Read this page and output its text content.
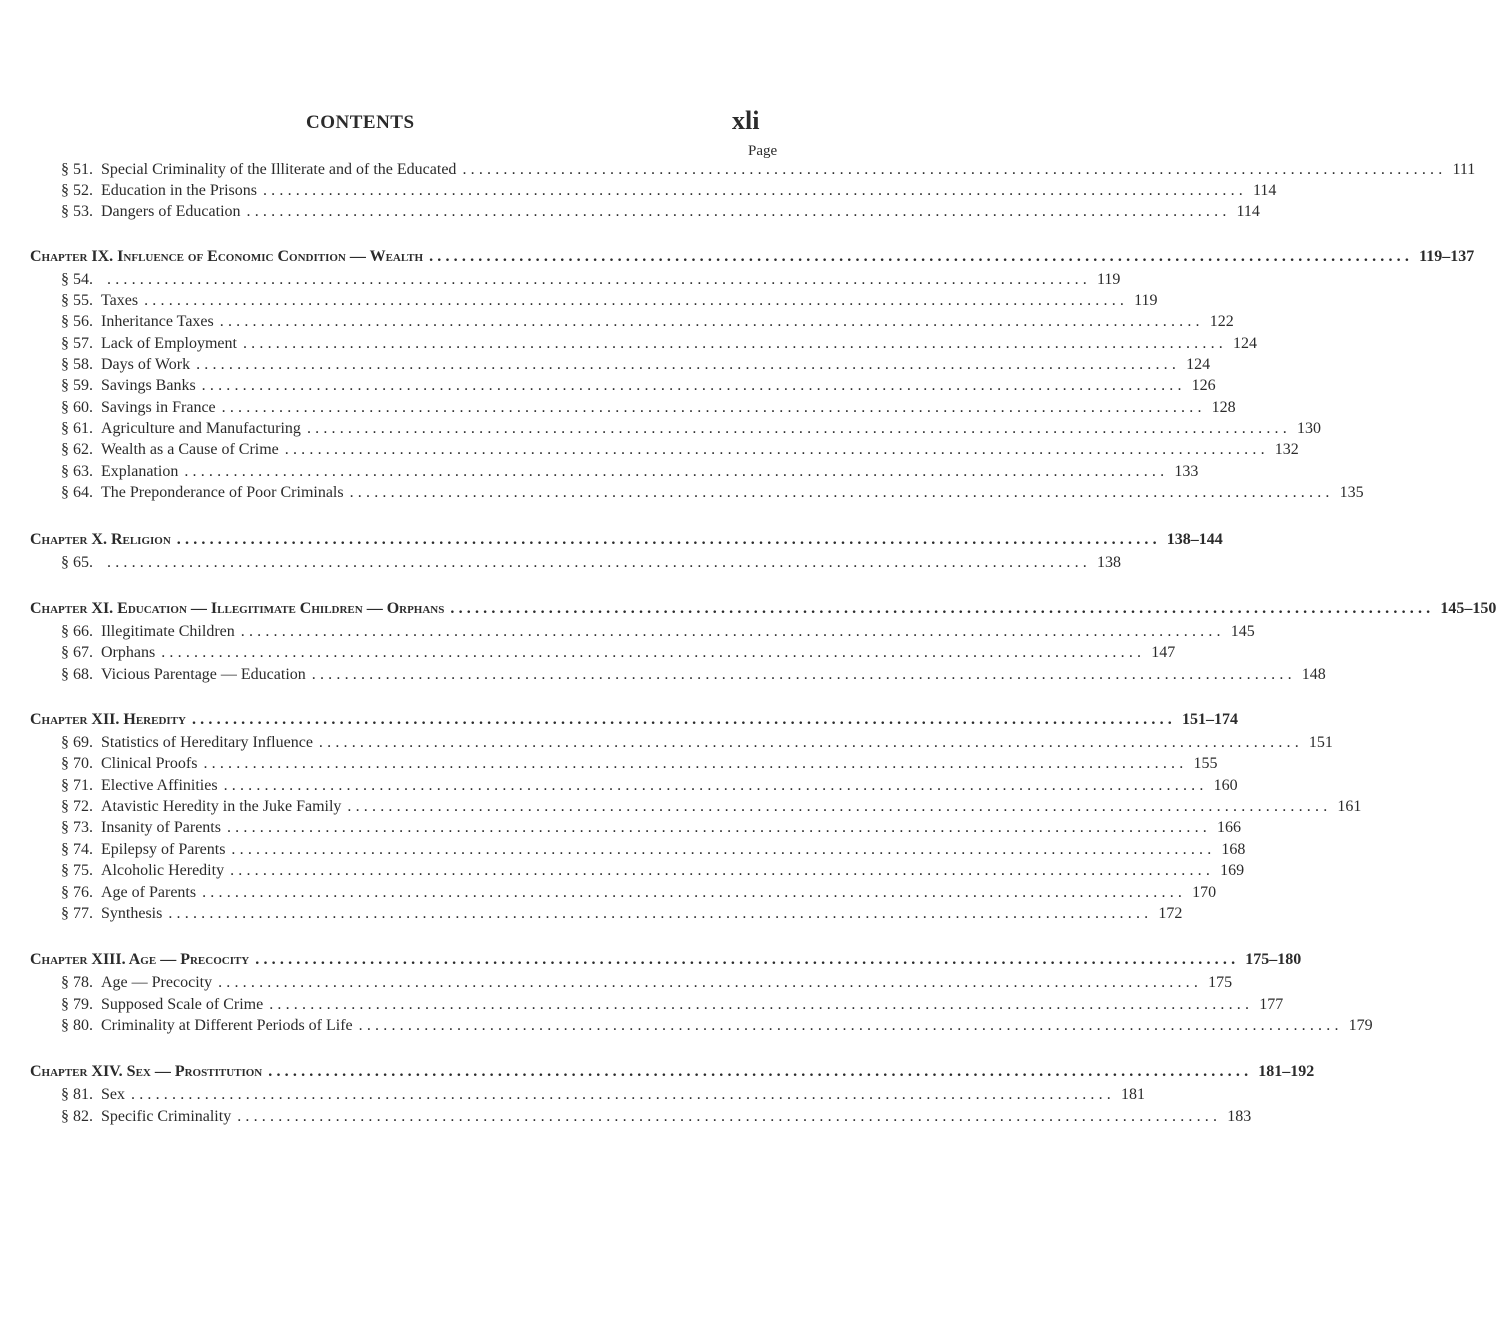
CONTENTS	xli
Page
§ 51. Special Criminality of the Illiterate and of the Educated ........................................................................................................................ 111
§ 52. Education in the Prisons ........................................................................................................................ 114
§ 53. Dangers of Education ........................................................................................................................ 114
Chapter IX. Influence of Economic Condition — Wealth ........................................................................................................................ 119–137
§ 54. ........................................................................................................................ 119
§ 55. Taxes ........................................................................................................................ 119
§ 56. Inheritance Taxes ........................................................................................................................ 122
§ 57. Lack of Employment ........................................................................................................................ 124
§ 58. Days of Work ........................................................................................................................ 124
§ 59. Savings Banks ........................................................................................................................ 126
§ 60. Savings in France ........................................................................................................................ 128
§ 61. Agriculture and Manufacturing ........................................................................................................................ 130
§ 62. Wealth as a Cause of Crime ........................................................................................................................ 132
§ 63. Explanation ........................................................................................................................ 133
§ 64. The Preponderance of Poor Criminals ........................................................................................................................ 135
Chapter X. Religion ........................................................................................................................ 138–144
§ 65. ........................................................................................................................ 138
Chapter XI. Education — Illegitimate Children — Orphans ........................................................................................................................ 145–150
§ 66. Illegitimate Children ........................................................................................................................ 145
§ 67. Orphans ........................................................................................................................ 147
§ 68. Vicious Parentage — Education ........................................................................................................................ 148
Chapter XII. Heredity ........................................................................................................................ 151–174
§ 69. Statistics of Hereditary Influence ........................................................................................................................ 151
§ 70. Clinical Proofs ........................................................................................................................ 155
§ 71. Elective Affinities ........................................................................................................................ 160
§ 72. Atavistic Heredity in the Juke Family ........................................................................................................................ 161
§ 73. Insanity of Parents ........................................................................................................................ 166
§ 74. Epilepsy of Parents ........................................................................................................................ 168
§ 75. Alcoholic Heredity ........................................................................................................................ 169
§ 76. Age of Parents ........................................................................................................................ 170
§ 77. Synthesis ........................................................................................................................ 172
Chapter XIII. Age — Precocity ........................................................................................................................ 175–180
§ 78. Age — Precocity ........................................................................................................................ 175
§ 79. Supposed Scale of Crime ........................................................................................................................ 177
§ 80. Criminality at Different Periods of Life ........................................................................................................................ 179
Chapter XIV. Sex — Prostitution ........................................................................................................................ 181–192
§ 81. Sex ........................................................................................................................ 181
§ 82. Specific Criminality ........................................................................................................................ 183
